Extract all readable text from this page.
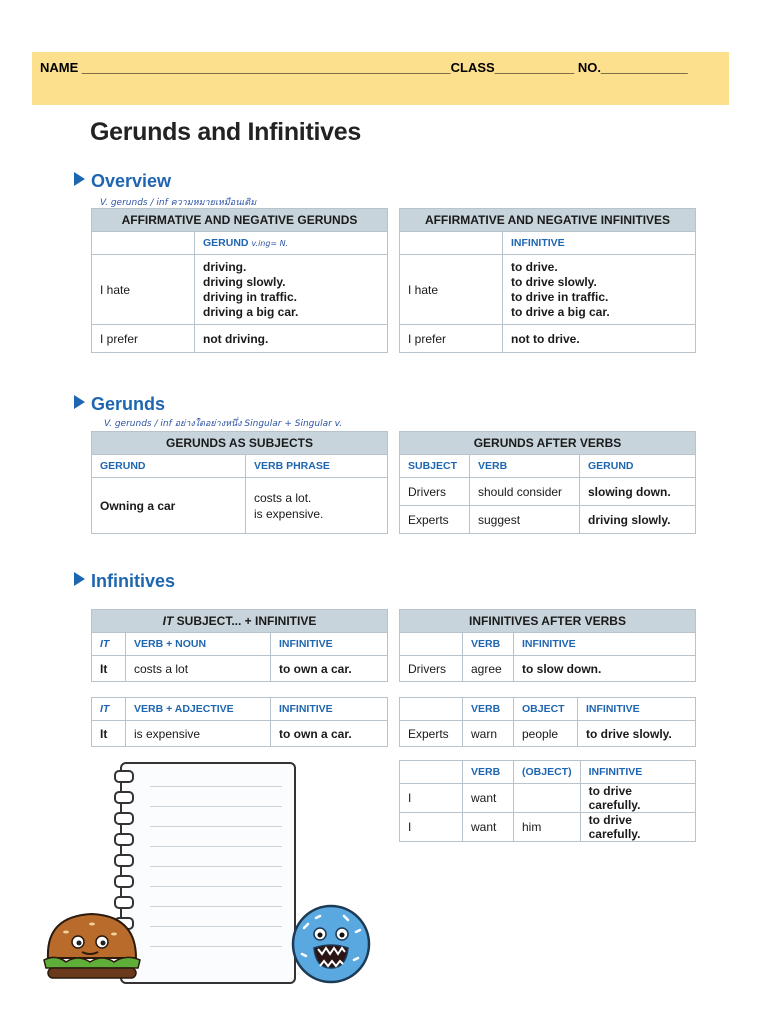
NAME ___________________________________________________CLASS___________ NO.____________
Gerunds and Infinitives
Overview
V. gerunds / inf ความหมายเหมือนเดิม
AFFIRMATIVE AND NEGATIVE GERUNDS	
	GERUND v.ing= N.
I hate	driving.
driving slowly.
driving in traffic.
driving a big car.

I prefer	not driving.
AFFIRMATIVE AND NEGATIVE INFINITIVES	
	INFINITIVE
I hate	to drive.
to drive slowly.
to drive in traffic.
to drive a big car.

I prefer	not to drive.
Gerunds
V. gerunds / inf อย่างใดอย่างหนึ่ง Singular + Singular v.
GERUNDS AS SUBJECTS	
GERUND	VERB PHRASE
Owning a car	costs a lot.
is expensive.
GERUNDS AFTER VERBS		
SUBJECT	VERB	GERUND
Drivers	should consider	slowing down.
Experts	suggest	driving slowly.
Infinitives
IT SUBJECT... + INFINITIVE		
IT	VERB + NOUN	INFINITIVE
It	costs a lot	to own a car.
IT	VERB + ADJECTIVE	INFINITIVE
It	is expensive	to own a car.
INFINITIVES AFTER VERBS		
	VERB	INFINITIVE
Drivers	agree	to slow down.
	VERB	OBJECT	INFINITIVE
Experts	warn	people	to drive slowly.
	VERB	(OBJECT)	INFINITIVE
I	want		to drive carefully.
I	want	him	to drive carefully.
